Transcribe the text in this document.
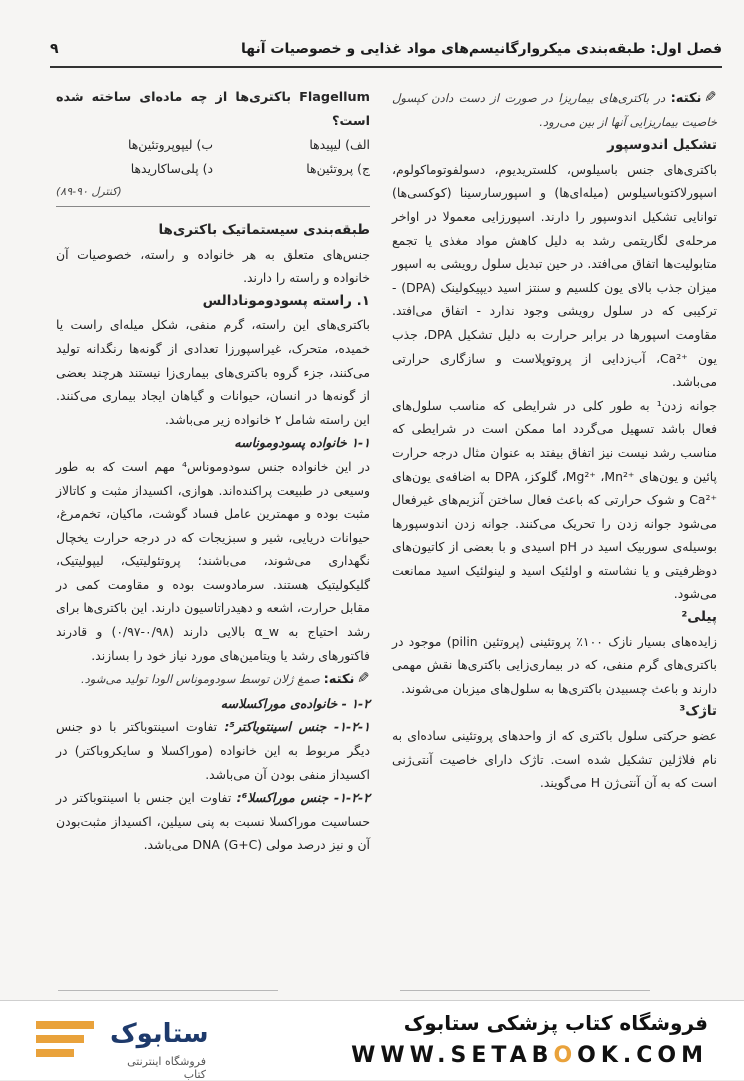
فصل اول: طبقه‌بندی میکروارگانیسم‌های مواد غذایی و خصوصیات آنها
۹

✎نکته: در باکتری‌های بیماریزا در صورت از دست دادن کپسول خاصیت بیماریزایی آنها از بین می‌رود.

تشکیل اندوسپور

باکتری‌های جنس باسیلوس، کلستریدیوم، دسولفوتوماکولوم، اسپورلاکتوباسیلوس (میله‌ای‌ها) و اسپورسارسینا (کوکسی‌ها) توانایی تشکیل اندوسپور را دارند. اسپورزایی معمولا در اواخر مرحله‌ی لگاریتمی رشد به دلیل کاهش مواد مغذی یا تجمع متابولیت‌ها اتفاق می‌افتد. در حین تبدیل سلول رویشی به اسپور میزان جذب بالای یون کلسیم و سنتز اسید دیپیکولینک (DPA) - ترکیبی که در سلول رویشی وجود ندارد - اتفاق می‌افتد. مقاومت اسپورها در برابر حرارت به دلیل تشکیل DPA، جذب یون ‎Ca²⁺‎، آب‌زدایی از پروتوپلاست و سازگاری حرارتی می‌باشد.

جوانه زدن¹ به طور کلی در شرایطی که مناسب سلول‌های فعال باشد تسهیل می‌گردد اما ممکن است در شرایطی که مناسب رشد نیست نیز اتفاق بیفتد به عنوان مثال درجه حرارت پائین و یون‌های ‎Mg²⁺‎ ،‎Mn²⁺‎، گلوکز، DPA به اضافه‌ی یون‌های ‎Ca²⁺‎ و شوک حرارتی که باعث فعال ساختن آنزیم‌های غیرفعال می‌شود جوانه زدن را تحریک می‌کنند. جوانه زدن اندوسپورها بوسیله‌ی سوربیک اسید در pH اسیدی و با بعضی از کاتیون‌های دوظرفیتی و یا نشاسته و اولئیک اسید و لینولئیک اسید ممانعت می‌شود.

پیلی²

زایده‌های بسیار نازک ۱۰۰٪ پروتئینی (پروتئین pilin) موجود در باکتری‌های گرم منفی، که در بیماری‌زایی باکتری‌ها نقش مهمی دارند و باعث چسبیدن باکتری‌ها به سلول‌های میزبان می‌شوند.

تاژک³

عضو حرکتی سلول باکتری که از واحدهای پروتئینی ساده‌ای به نام فلاژلین تشکیل شده است. تاژک دارای خاصیت آنتی‌ژنی است که به آن آنتی‌ژن H می‌گویند.

Flagellum باکتری‌ها از چه ماده‌ای ساخته شده است؟

الف) لیپیدها
ب) لیپوپروتئین‌ها
ج) پروتئین‌ها
د) پلی‌ساکاریدها

(کنترل ۹۰-۸۹)

طبقه‌بندی سیستماتیک باکتری‌ها

جنس‌های متعلق به هر خانواده و راسته، خصوصیات آن خانواده و راسته را دارند.

۱. راسته پسودومونادالس

باکتری‌های این راسته، گرم منفی، شکل میله‌ای راست یا خمیده، متحرک، غیراسپورزا تعدادی از گونه‌ها رنگدانه تولید می‌کنند، جزء گروه باکتری‌های بیماری‌زا نیستند هرچند بعضی از گونه‌ها در انسان، حیوانات و گیاهان ایجاد بیماری می‌کنند. این راسته شامل ۲ خانواده زیر می‌باشد.

۱-۱ خانواده پسودوموناسه

در این خانواده جنس سودوموناس⁴ مهم است که به طور وسیعی در طبیعت پراکنده‌اند. هوازی، اکسیداز مثبت و کاتالاز مثبت بوده و مهمترین عامل فساد گوشت، ماکیان، تخم‌مرغ، حیوانات دریایی، شیر و سبزیجات که در درجه حرارت یخچال نگهداری می‌شوند، می‌باشند؛ پروتئولیتیک، لیپولیتیک، گلیکولیتیک هستند. سرمادوست بوده و مقاومت کمی در مقابل حرارت، اشعه و دهیدراتاسیون دارند. این باکتری‌ها برای رشد احتیاج به ‎α_w‎ بالایی دارند (۰/۹۸-۰/۹۷) و قادرند فاکتورهای رشد یا ویتامین‌های مورد نیاز خود را بسازند.

✎نکته: صمغ ژلان توسط سودوموناس الودا تولید می‌شود.

۱-۲ - خانواده‌ی موراکسلاسه

۱-۲-۱- جنس اسینتوباکتر⁵: تفاوت اسینتوباکتر با دو جنس دیگر مربوط به این خانواده (موراکسلا و سایکروباکتر) در اکسیداز منفی بودن آن می‌باشد.

۱-۲-۲- جنس موراکسلا⁶: تفاوت این جنس با اسینتوباکتر در حساسیت موراکسلا نسبت به پنی سیلین، اکسیداز مثبت‌بودن آن و نیز درصد مولی DNA (G+C) می‌باشد.

ستابوک
فروشگاه اینترنتی کتاب
فروشگاه کتاب پزشکی ستابوک
WWW.SETABOOK.COM
